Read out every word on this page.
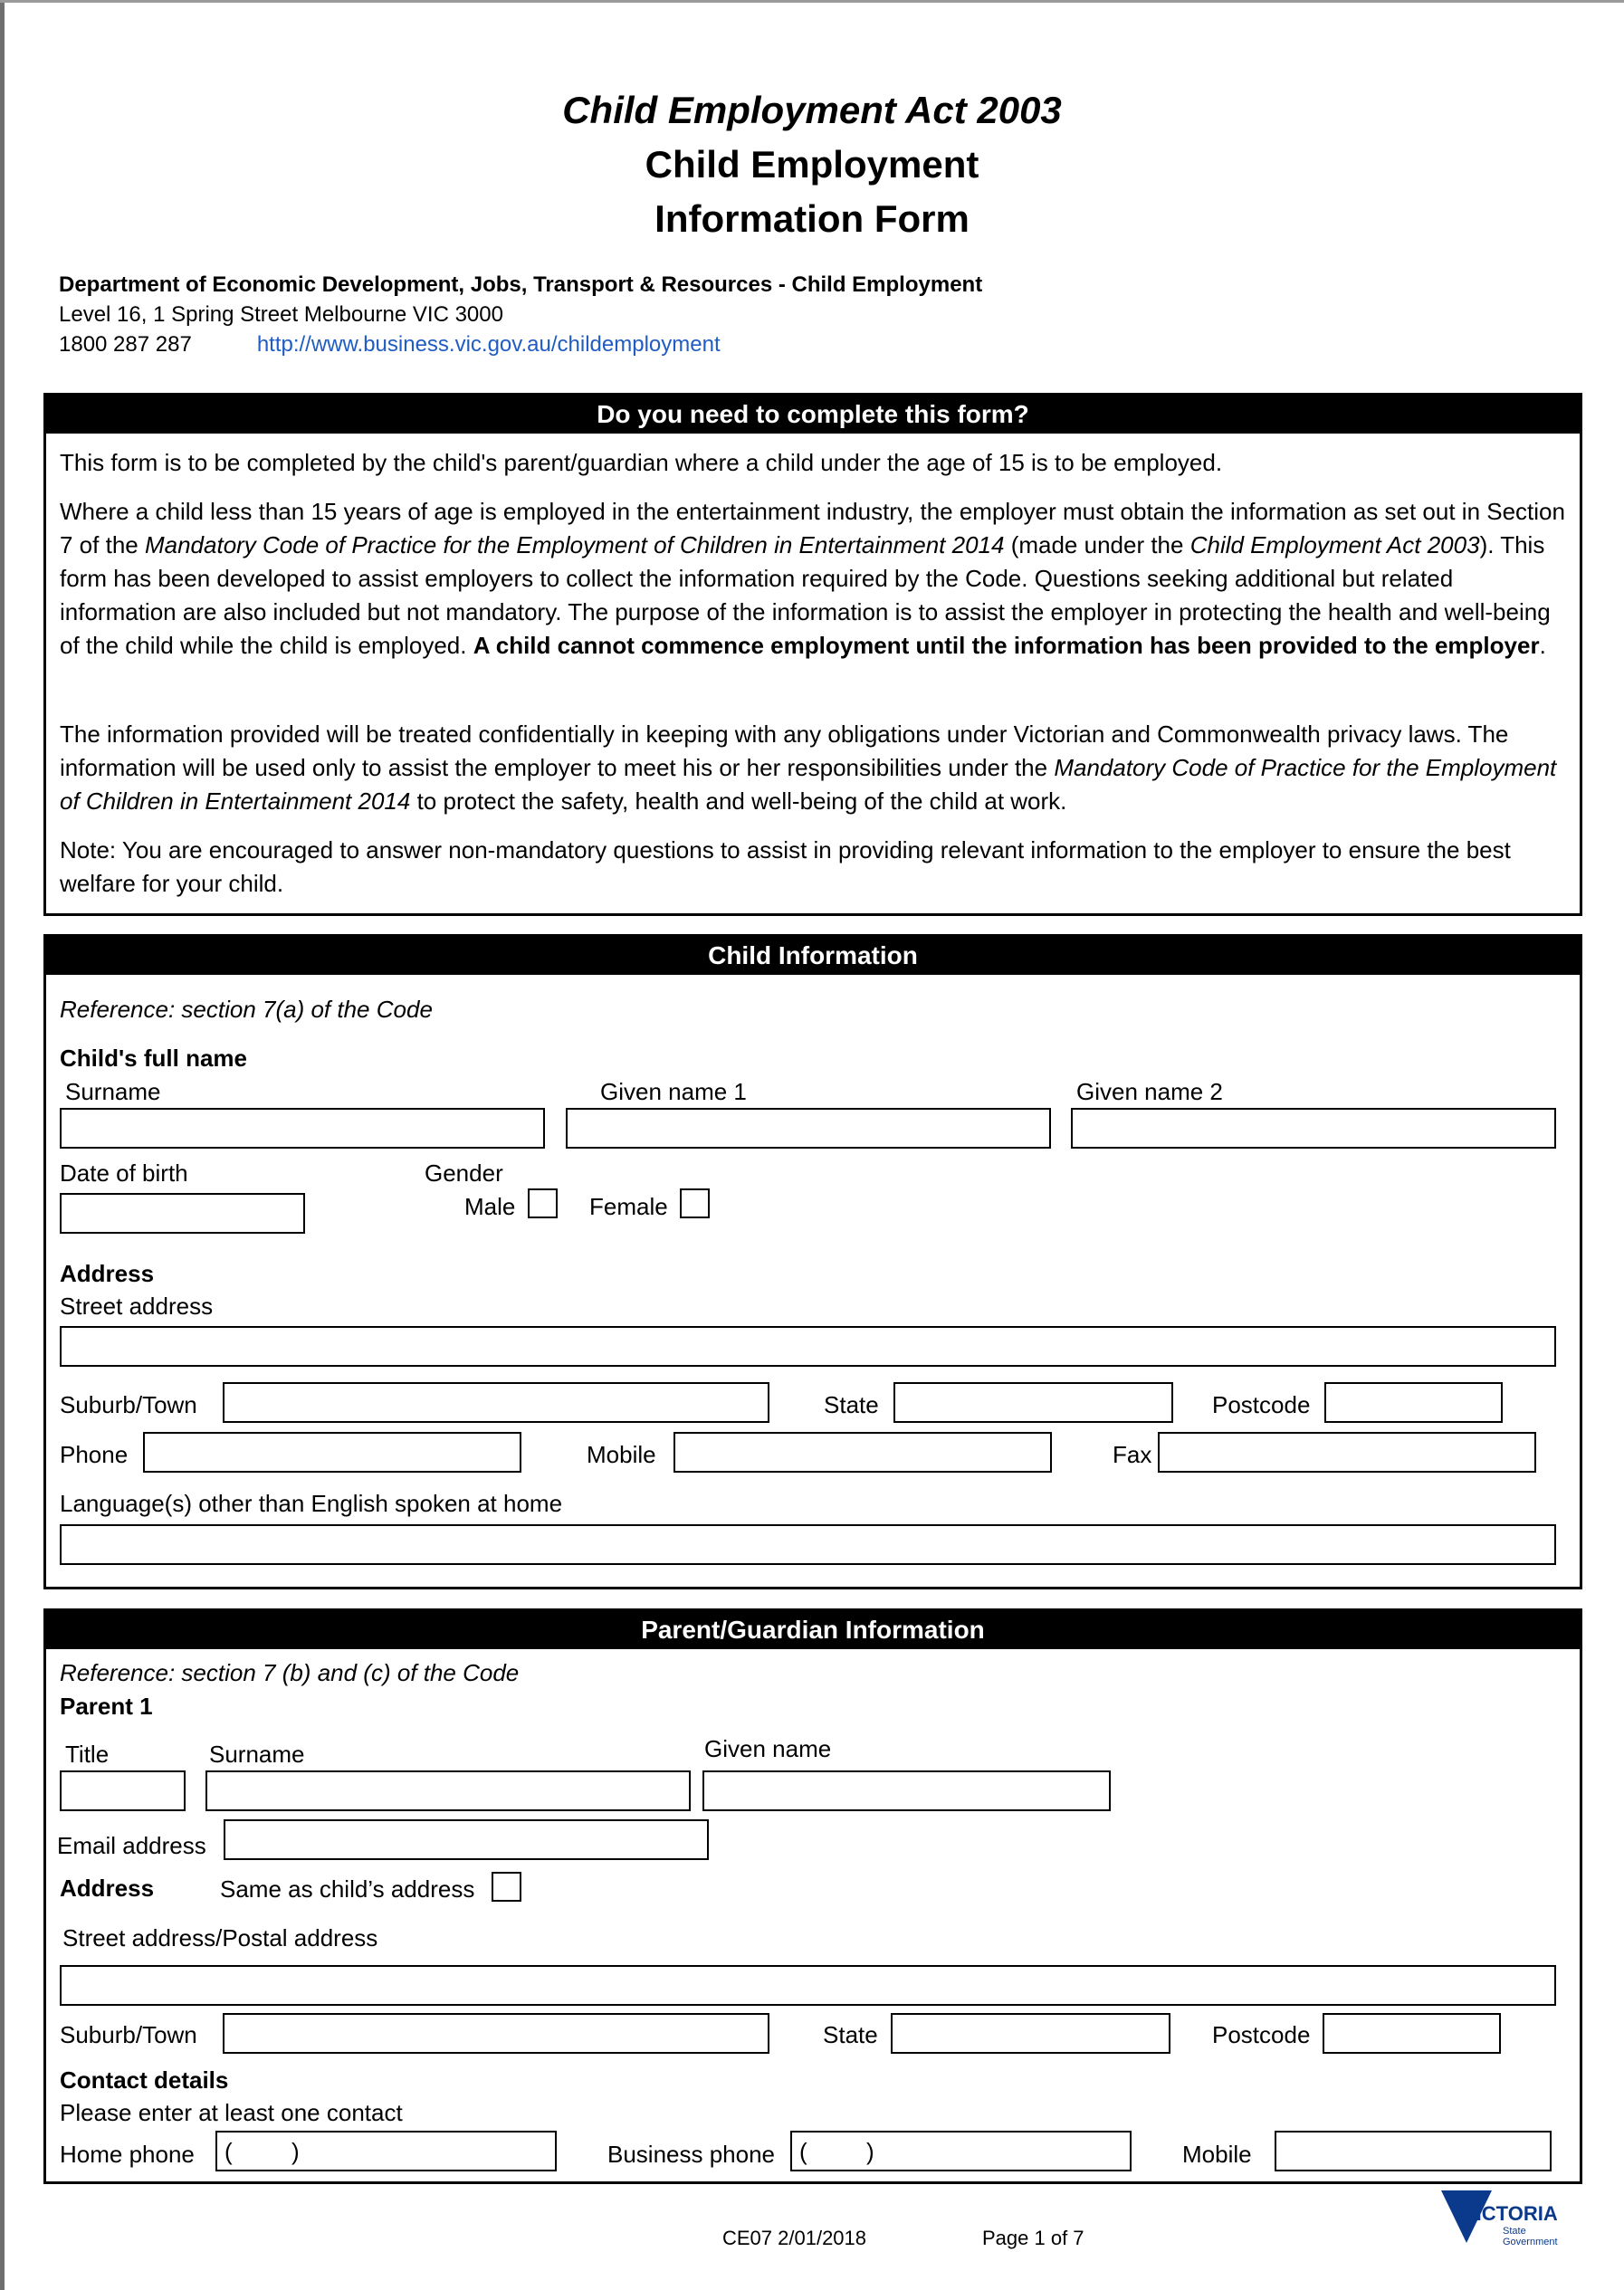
Child Employment Act 2003
Child Employment
Information Form
Department of Economic Development, Jobs, Transport & Resources - Child Employment
Level 16, 1 Spring Street Melbourne VIC 3000
1800 287 287	http://www.business.vic.gov.au/childemployment
Do you need to complete this form?

This form is to be completed by the child's parent/guardian where a child under the age of 15 is to be employed.

Where a child less than 15 years of age is employed in the entertainment industry, the employer must obtain the information as set out in Section 7 of the Mandatory Code of Practice for the Employment of Children in Entertainment 2014 (made under the Child Employment Act 2003). This form has been developed to assist employers to collect the information required by the Code. Questions seeking additional but related information are also included but not mandatory. The purpose of the information is to assist the employer in protecting the health and well-being of the child while the child is employed. A child cannot commence employment until the information has been provided to the employer.

The information provided will be treated confidentially in keeping with any obligations under Victorian and Commonwealth privacy laws. The information will be used only to assist the employer to meet his or her responsibilities under the Mandatory Code of Practice for the Employment of Children in Entertainment 2014 to protect the safety, health and well-being of the child at work.

Note: You are encouraged to answer non-mandatory questions to assist in providing relevant information to the employer to ensure the best welfare for your child.

Child Information
Reference: section 7(a) of the Code
Child's full name
Surname	Given name 1	Given name 2
Date of birth	Gender
Male	Female
Address
Street address
Suburb/Town	State	Postcode
Phone	Mobile	Fax
Language(s) other than English spoken at home
Parent/Guardian Information
Reference: section 7 (b) and (c) of the Code
Parent 1
Title	Surname	Given name
Email address
Address	Same as child’s address
Street address/Postal address
Suburb/Town	State	Postcode
Contact details
Please enter at least one contact
Home phone (	)	Business phone (	)	Mobile
CE07 2/01/2018	Page 1 of 7
VICTORIA
State
Government
